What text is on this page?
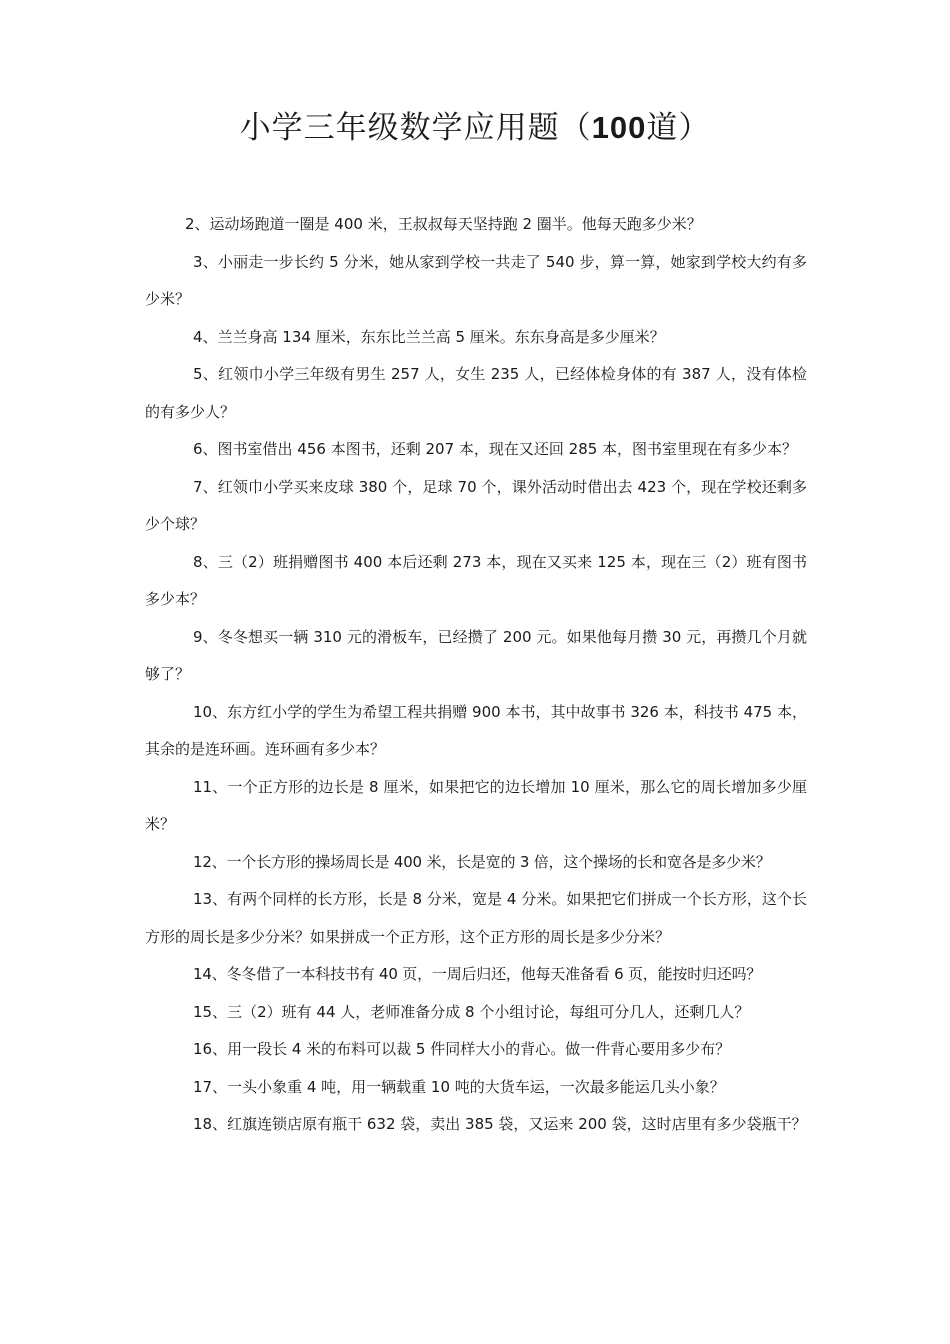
小学三年级数学应用题（100道）

2、运动场跑道一圈是 400 米，王叔叔每天坚持跑 2 圈半。他每天跑多少米？

3、小丽走一步长约 5 分米，她从家到学校一共走了 540 步，算一算，她家到学校大约有多少米？

4、兰兰身高 134 厘米，东东比兰兰高 5 厘米。东东身高是多少厘米？

5、红领巾小学三年级有男生 257 人，女生 235 人，已经体检身体的有 387 人，没有体检的有多少人？

6、图书室借出 456 本图书，还剩 207 本，现在又还回 285 本，图书室里现在有多少本？

7、红领巾小学买来皮球 380 个，足球 70 个，课外活动时借出去 423 个，现在学校还剩多少个球？

8、三（2）班捐赠图书 400 本后还剩 273 本，现在又买来 125 本，现在三（2）班有图书多少本？

9、冬冬想买一辆 310 元的滑板车，已经攒了 200 元。如果他每月攒 30 元，再攒几个月就够了？

10、东方红小学的学生为希望工程共捐赠 900 本书，其中故事书 326 本，科技书 475 本，其余的是连环画。连环画有多少本？

11、一个正方形的边长是 8 厘米，如果把它的边长增加 10 厘米，那么它的周长增加多少厘米？

12、一个长方形的操场周长是 400 米，长是宽的 3 倍，这个操场的长和宽各是多少米？

13、有两个同样的长方形，长是 8 分米，宽是 4 分米。如果把它们拼成一个长方形，这个长方形的周长是多少分米？如果拼成一个正方形，这个正方形的周长是多少分米？

14、冬冬借了一本科技书有 40 页，一周后归还，他每天准备看 6 页，能按时归还吗？

15、三（2）班有 44 人，老师准备分成 8 个小组讨论，每组可分几人，还剩几人？

16、用一段长 4 米的布料可以裁 5 件同样大小的背心。做一件背心要用多少布？

17、一头小象重 4 吨，用一辆载重 10 吨的大货车运，一次最多能运几头小象？

18、红旗连锁店原有瓶干 632 袋，卖出 385 袋，又运来 200 袋，这时店里有多少袋瓶干？
